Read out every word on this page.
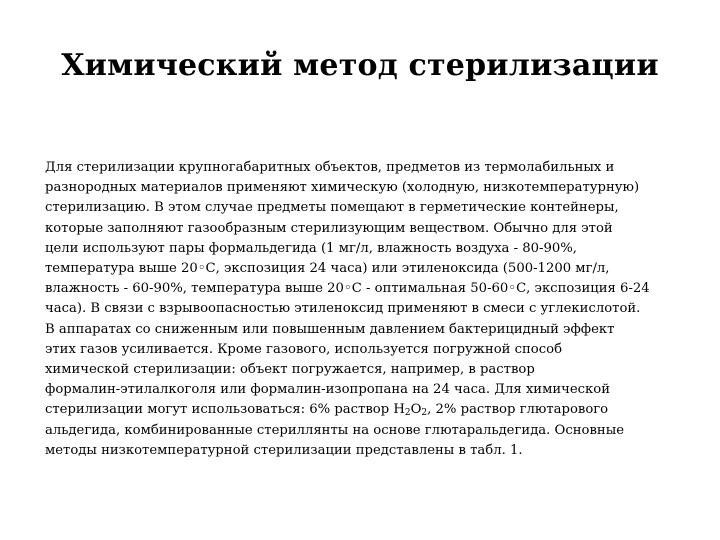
Химический метод стерилизации

Для стерилизации крупногабаритных объектов, предметов из термолабильных и
разнородных материалов применяют химическую (холодную, низкотемпературную)
стерилизацию. В этом случае предметы помещают в герметические контейнеры,
которые заполняют газообразным стерилизующим веществом. Обычно для этой
цели используют пары формальдегида (1 мг/л, влажность воздуха - 80-90%,
температура выше 20◦С, экспозиция 24 часа) или этиленоксида (500-1200 мг/л,
влажность - 60-90%, температура выше 20◦С - оптимальная 50-60◦С, экспозиция 6-24
часа). В связи с взрывоопасностью этиленоксид применяют в смеси с углекислотой.
В аппаратах со сниженным или повышенным давлением бактерицидный эффект
этих газов усиливается. Кроме газового, используется погружной способ
химической стерилизации: объект погружается, например, в раствор
формалин-этилалкоголя или формалин-изопропана на 24 часа. Для химической
стерилизации могут использоваться: 6% раствор $H_2O_2$, 2% раствор глютарового
альдегида, комбинированные стериллянты на основе глютаральдегида. Основные
методы низкотемпературной стерилизации представлены в табл. 1.
